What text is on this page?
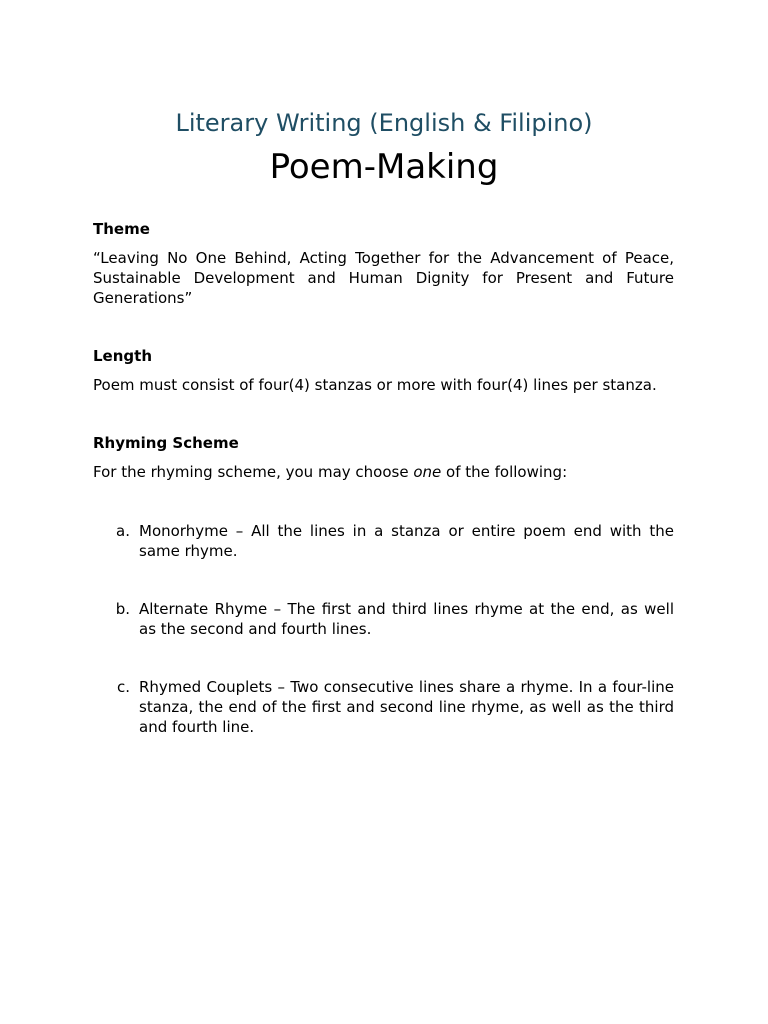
Literary Writing (English & Filipino)
Poem-Making

Theme

“Leaving No One Behind, Acting Together for the Advancement of Peace, Sustainable Development and Human Dignity for Present and Future Generations”

Length

Poem must consist of four(4) stanzas or more with four(4) lines per stanza.

Rhyming Scheme

For the rhyming scheme, you may choose one of the following:

a. Monorhyme – All the lines in a stanza or entire poem end with the same rhyme.
b. Alternate Rhyme – The first and third lines rhyme at the end, as well as the second and fourth lines.
c. Rhymed Couplets – Two consecutive lines share a rhyme. In a four-line stanza, the end of the first and second line rhyme, as well as the third and fourth line.
